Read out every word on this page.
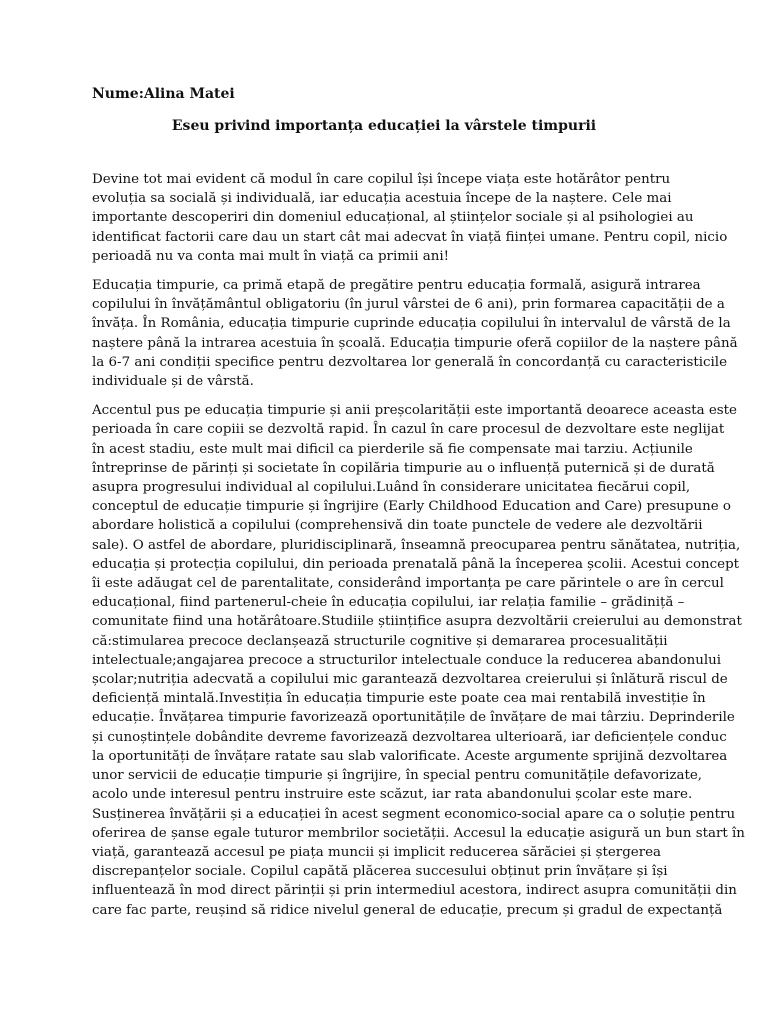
Nume:Alina Matei
Eseu privind importanța educației la vârstele timpurii
Devine tot mai evident că modul în care copilul își începe viața este hotărâtor pentru
evoluția sa socială și individuală, iar educația acestuia începe de la naștere. Cele mai
importante descoperiri din domeniul educațional, al științelor sociale și al psihologiei au
identificat factorii care dau un start cât mai adecvat în viață ființei umane. Pentru copil, nicio
perioadă nu va conta mai mult în viață ca primii ani!
Educația timpurie, ca primă etapă de pregătire pentru educația formală, asigură intrarea
copilului în învățământul obligatoriu (în jurul vârstei de 6 ani), prin formarea capacității de a
învăța. În România, educația timpurie cuprinde educația copilului în intervalul de vârstă de la
naștere până la intrarea acestuia în școală. Educația timpurie oferă copiilor de la naștere până
la 6-7 ani condiții specifice pentru dezvoltarea lor generală în concordanță cu caracteristicile
individuale și de vârstă.
Accentul pus pe educația timpurie și anii preșcolarității este importantă deoarece aceasta este
perioada în care copiii se dezvoltă rapid. În cazul în care procesul de dezvoltare este neglijat
în acest stadiu, este mult mai dificil ca pierderile să fie compensate mai tarziu. Acțiunile
întreprinse de părinți și societate în copilăria timpurie au o influență puternică și de durată
asupra progresului individual al copilului.Luând în considerare unicitatea fiecărui copil,
conceptul de educație timpurie și îngrijire (Early Childhood Education and Care) presupune o
abordare holistică a copilului (comprehensivă din toate punctele de vedere ale dezvoltării
sale). O astfel de abordare, pluridisciplinară, înseamnă preocuparea pentru sănătatea, nutriția,
educația și protecția copilului, din perioada prenatală până la începerea școlii. Acestui concept
îi este adăugat cel de parentalitate, considerând importanța pe care părintele o are în cercul
educațional, fiind partenerul-cheie în educația copilului, iar relația familie – grădiniță –
comunitate fiind una hotărâtoare.Studiile științifice asupra dezvoltării creierului au demonstrat
că:stimularea precoce declanșează structurile cognitive și demararea procesualității
intelectuale;angajarea precoce a structurilor intelectuale conduce la reducerea abandonului
școlar;nutriția adecvată a copilului mic garantează dezvoltarea creierului și înlătură riscul de
deficiență mintală.Investiția în educația timpurie este poate cea mai rentabilă investiție în
educație. Învățarea timpurie favorizează oportunitățile de învățare de mai târziu. Deprinderile
și cunoștințele dobândite devreme favorizează dezvoltarea ulterioară, iar deficiențele conduc
la oportunități de învățare ratate sau slab valorificate. Aceste argumente sprijină dezvoltarea
unor servicii de educație timpurie și îngrijire, în special pentru comunitățile defavorizate,
acolo unde interesul pentru instruire este scăzut, iar rata abandonului școlar este mare.
Susținerea învățării și a educației în acest segment economico-social apare ca o soluție pentru
oferirea de șanse egale tuturor membrilor societății. Accesul la educație asigură un bun start în
viață, garantează accesul pe piața muncii și implicit reducerea sărăciei și ștergerea
discrepanțelor sociale. Copilul capătă plăcerea succesului obținut prin învățare și își
influentează în mod direct părinții și prin intermediul acestora, indirect asupra comunității din
care fac parte, reușind să ridice nivelul general de educație, precum și gradul de expectanță
